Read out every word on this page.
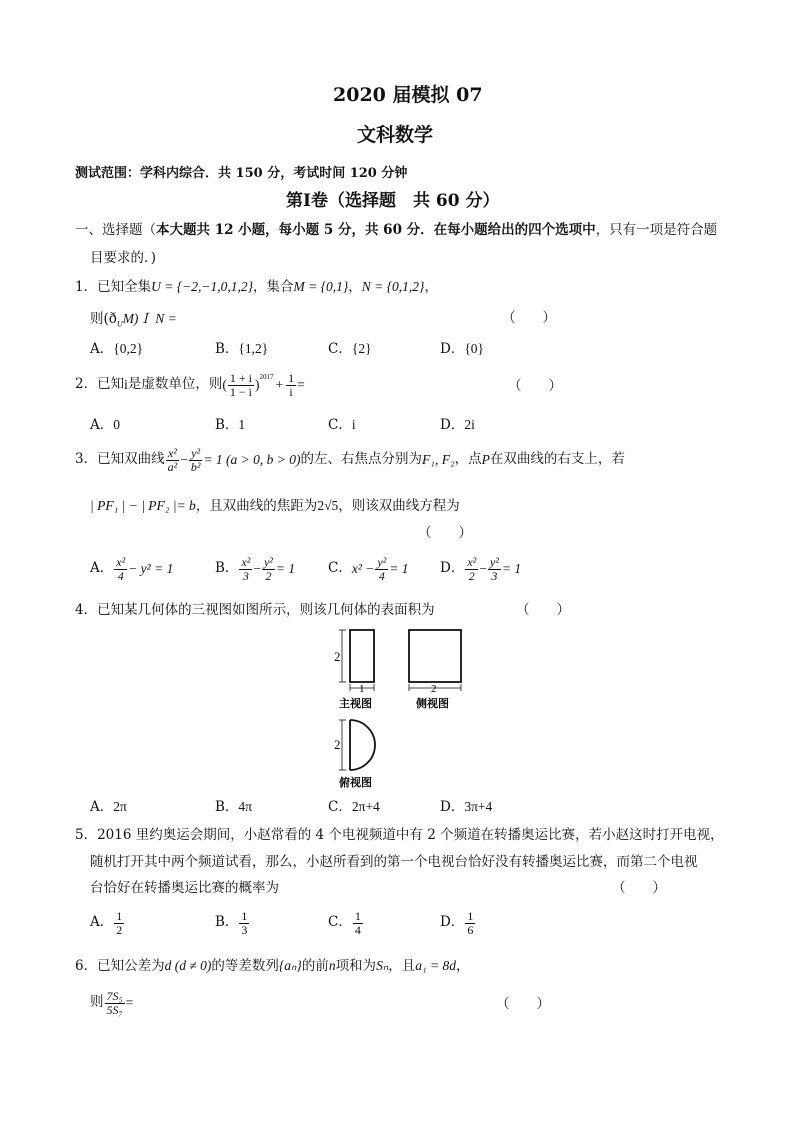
2020 届模拟 07
文科数学
测试范围：学科内综合．共 150 分，考试时间 120 分钟
第Ⅰ卷（选择题　共 60 分）
一、选择题（本大题共 12 小题，每小题 5 分，共 60 分．在每小题给出的四个选项中，只有一项是符合题
目要求的．)
1．已知全集U = {−2,−1,0,1,2}，集合M = {0,1}，N = {0,1,2}，
则$(ð_UM)I$ N =	（　　）
A．{0,2}	B．{1,2}	C．{2}	D．{0}
2． 已知 i 是虚数单位，则 ( $\frac{1 + i}{1 - i}$ )
2017
+ $\frac{1}{i}$ =	（　　）
A．0	B．1	C．i	D．2i
3． 已知双曲线 $\frac{\text{x²}}{\text{a²}} - \frac{\text{y²}}{\text{b²}} = 1$ (a > 0, b > 0) 的左、右焦点分别为 F₁, F₂ ，点 P 在双曲线的右支上，若
| PF₁ | − | PF₂ |= b，且双曲线的焦距为2√5，则该双曲线方程为
（　　）
A． $\frac{\text{x²}}{4} - y^2 = 1$	B． $\frac{\text{x²}}{3} - \frac{\text{y²}}{2} = 1$ C． $x^2 - \frac{\text{y²}}{4} = 1$ D． $\frac{\text{x²}}{2} - \frac{\text{y²}}{3} = 1$
4．已知某几何体的三视图如图所示，则该几何体的表面积为	（　　）
2
1
主视图
2
侧视图
2
俯视图
A．2π	B．4π	C．2π+4	D．3π+4
5．2016 里约奥运会期间，小赵常看的 4 个电视频道中有 2 个频道在转播奥运比赛，若小赵这时打开电视，
随机打开其中两个频道试看，那么，小赵所看到的第一个电视台恰好没有转播奥运比赛，而第二个电视
台恰好在转播奥运比赛的概率为	（　　）
A． $\frac{1}{2}$	B． $\frac{1}{3}$	C． $\frac{1}{4}$	D． $\frac{1}{6}$
6．已知公差为d (d ≠ 0)的等差数列{aₙ}的前n项和为Sₙ，且a₁ = 8d，
则 $\frac{\text{7S₅}}{\text{5S₇}}$ =	（　　）
